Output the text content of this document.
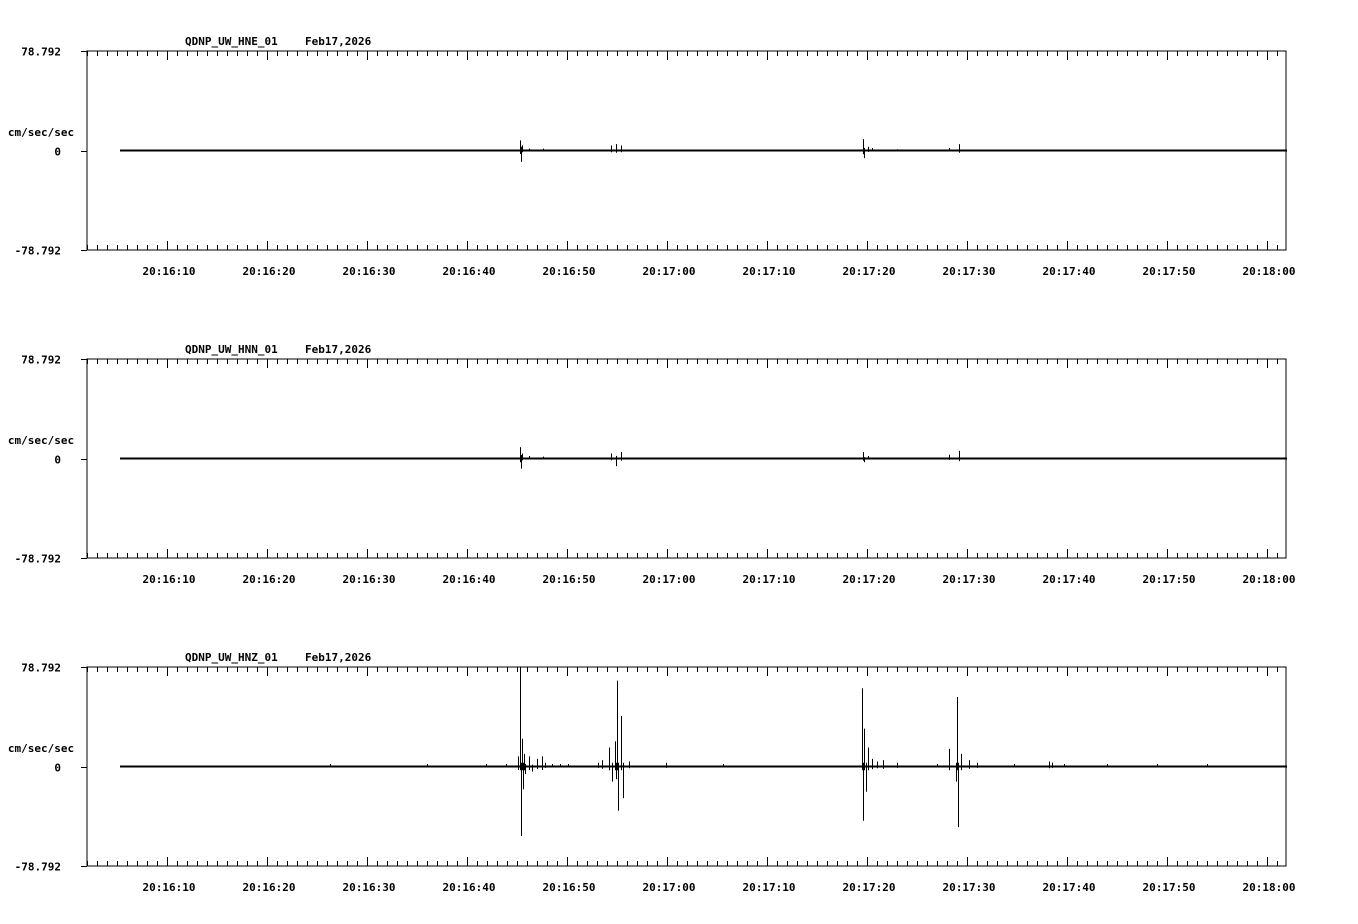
20:16:10	20:16:20	20:16:30	20:16:40	20:16:50	20:17:00	20:17:10	20:17:20	20:17:30	20:17:40	20:17:50	20:18:00
78.792
0
-78.792
cm/sec/sec
QDNP_UW_HNE_01 Feb17,2026
20:16:10	20:16:20	20:16:30	20:16:40	20:16:50	20:17:00	20:17:10	20:17:20	20:17:30	20:17:40	20:17:50	20:18:00
78.792
0
-78.792
cm/sec/sec
QDNP_UW_HNN_01 Feb17,2026
20:16:10	20:16:20	20:16:30	20:16:40	20:16:50	20:17:00	20:17:10	20:17:20	20:17:30	20:17:40	20:17:50	20:18:00
78.792
0
-78.792
cm/sec/sec
QDNP_UW_HNZ_01 Feb17,2026
